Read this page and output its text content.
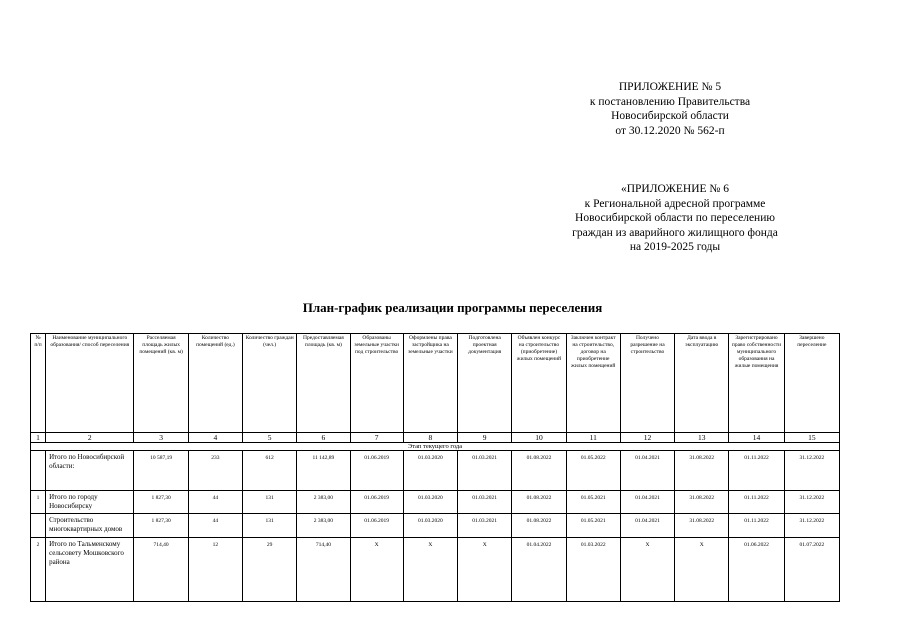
ПРИЛОЖЕНИЕ № 5
к постановлению Правительства
Новосибирской области
от 30.12.2020 № 562-п
«ПРИЛОЖЕНИЕ № 6
к Региональной адресной программе
Новосибирской области по переселению
граждан из аварийного жилищного фонда
на 2019-2025 годы
План-график реализации программы переселения
№ п/п	Наименование муниципального образования/ способ переселения	Расселяемая площадь жилых помещений (кв. м)	Количество помещений (ед.)	Количество граждан (чел.)	Предоставляемая площадь (кв. м)	Образованы земельные участки под строительство	Оформлены права застройщика на земельные участки	Подготовлена проектная документация	Объявлен конкурс на строительство (приобретение) жилых помещений	Заключен контракт на строительство, договор на приобретение жилых помещений	Получено разрешение на строительство	Дата ввода в эксплуатацию	Зарегистрировано право собственности муниципального образования на жилые помещения	Завершено переселение
1	2	3	4	5	6	7	8	9	10	11	12	13	14	15
Этап текущего года														
	Итого по Новосибирской области:	10 587,19	233	612	11 142,89	01.06.2019	01.03.2020	01.03.2021	01.08.2022	01.05.2022	01.04.2021	31.08.2022	01.11.2022	31.12.2022
1	Итого по городу Новосибирску	1 827,30	44	131	2 383,00	01.06.2019	01.03.2020	01.03.2021	01.08.2022	01.05.2021	01.04.2021	31.08.2022	01.11.2022	31.12.2022
	Строительство многоквартирных домов	1 827,30	44	131	2 383,00	01.06.2019	01.03.2020	01.03.2021	01.08.2022	01.05.2021	01.04.2021	31.08.2022	01.11.2022	31.12.2022
2	Итого по Тальменскому сельсовету Мошковского района	714,40	12	29	714,40	X	X	X	01.04.2022	01.03.2022	X	X	01.06.2022	01.07.2022
